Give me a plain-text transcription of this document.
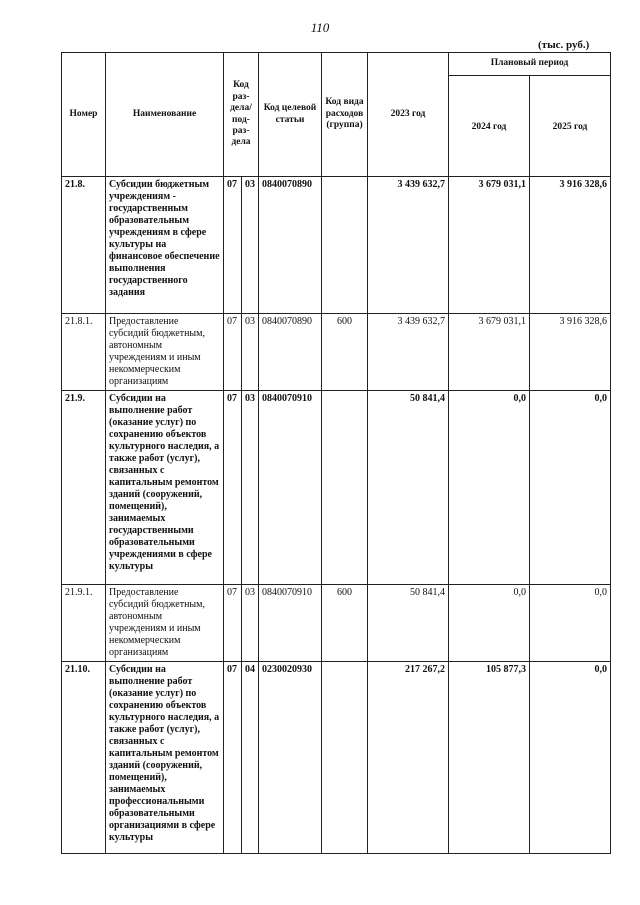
110
(тыс. руб.)
Номер	Наименование	Код раз- дела/ под- раз- дела		Код целевой статьи	Код вида расходов (группа)	2023 год	Плановый период	
							2024 год	2025 год
21.8.	Субсидии бюджетным учреждениям - государственным образовательным учреждениям в сфере культуры на финансовое обеспечение выполнения государственного задания	07	03	0840070890		3 439 632,7	3 679 031,1	3 916 328,6
21.8.1.	Предоставление субсидий бюджетным, автономным учреждениям и иным некоммерческим организациям	07	03	0840070890	600	3 439 632,7	3 679 031,1	3 916 328,6
21.9.	Субсидии на выполнение работ (оказание услуг) по сохранению объектов культурного наследия, а также работ (услуг), связанных с капитальным ремонтом зданий (сооружений, помещений), занимаемых государственными образовательными учреждениями в сфере культуры	07	03	0840070910		50 841,4	0,0	0,0
21.9.1.	Предоставление субсидий бюджетным, автономным учреждениям и иным некоммерческим организациям	07	03	0840070910	600	50 841,4	0,0	0,0
21.10.	Субсидии на выполнение работ (оказание услуг) по сохранению объектов культурного наследия, а также работ (услуг), связанных с капитальным ремонтом зданий (сооружений, помещений), занимаемых профессиональными образовательными организациями в сфере культуры	07	04	0230020930		217 267,2	105 877,3	0,0
